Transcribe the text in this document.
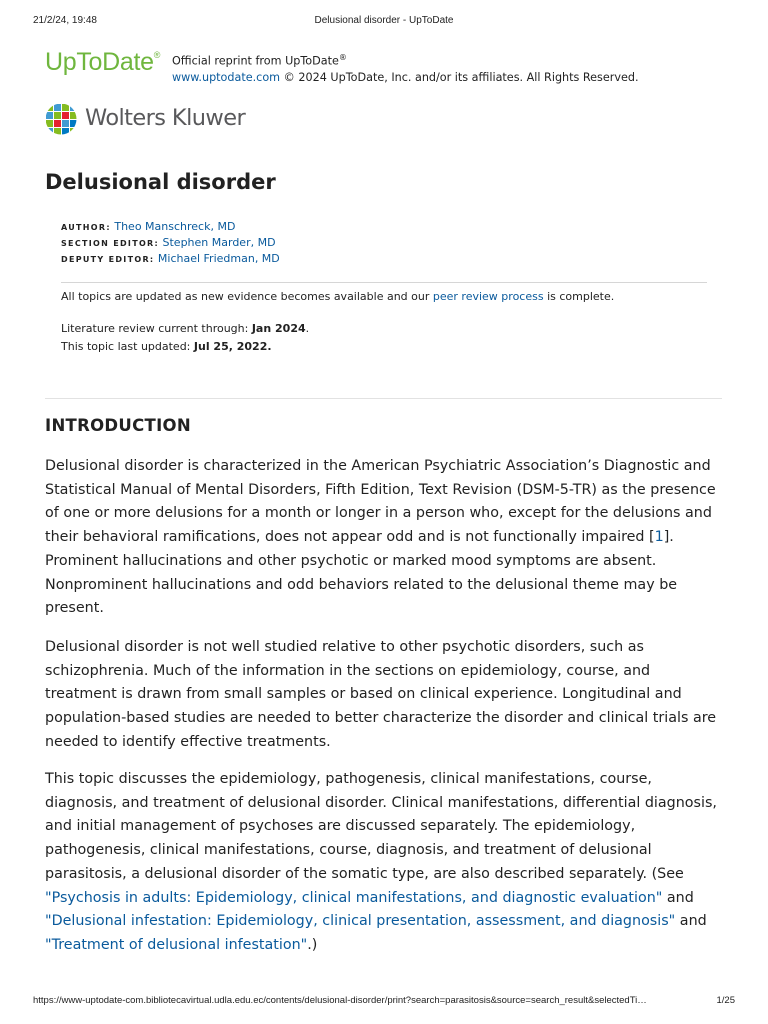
21/2/24, 19:48	Delusional disorder - UpToDate
UpToDate® Official reprint from UpToDate®
www.uptodate.com © 2024 UpToDate, Inc. and/or its affiliates. All Rights Reserved.
Wolters Kluwer
Delusional disorder
AUTHOR: Theo Manschreck, MD
SECTION EDITOR: Stephen Marder, MD
DEPUTY EDITOR: Michael Friedman, MD
All topics are updated as new evidence becomes available and our peer review process is complete.
Literature review current through: Jan 2024.
This topic last updated: Jul 25, 2022.
INTRODUCTION

Delusional disorder is characterized in the American Psychiatric Association’s Diagnostic and Statistical Manual of Mental Disorders, Fifth Edition, Text Revision (DSM-5-TR) as the presence of one or more delusions for a month or longer in a person who, except for the delusions and their behavioral ramifications, does not appear odd and is not functionally impaired [1]. Prominent hallucinations and other psychotic or marked mood symptoms are absent. Nonprominent hallucinations and odd behaviors related to the delusional theme may be present.

Delusional disorder is not well studied relative to other psychotic disorders, such as schizophrenia. Much of the information in the sections on epidemiology, course, and treatment is drawn from small samples or based on clinical experience. Longitudinal and population-based studies are needed to better characterize the disorder and clinical trials are needed to identify effective treatments.

This topic discusses the epidemiology, pathogenesis, clinical manifestations, course, diagnosis, and treatment of delusional disorder. Clinical manifestations, differential diagnosis, and initial management of psychoses are discussed separately. The epidemiology, pathogenesis, clinical manifestations, course, diagnosis, and treatment of delusional parasitosis, a delusional disorder of the somatic type, are also described separately. (See "Psychosis in adults: Epidemiology, clinical manifestations, and diagnostic evaluation" and "Delusional infestation: Epidemiology, clinical presentation, assessment, and diagnosis" and "Treatment of delusional infestation".)

https://www-uptodate-com.bibliotecavirtual.udla.edu.ec/contents/delusional-disorder/print?search=parasitosis&source=search_result&selectedTi…	1/25
